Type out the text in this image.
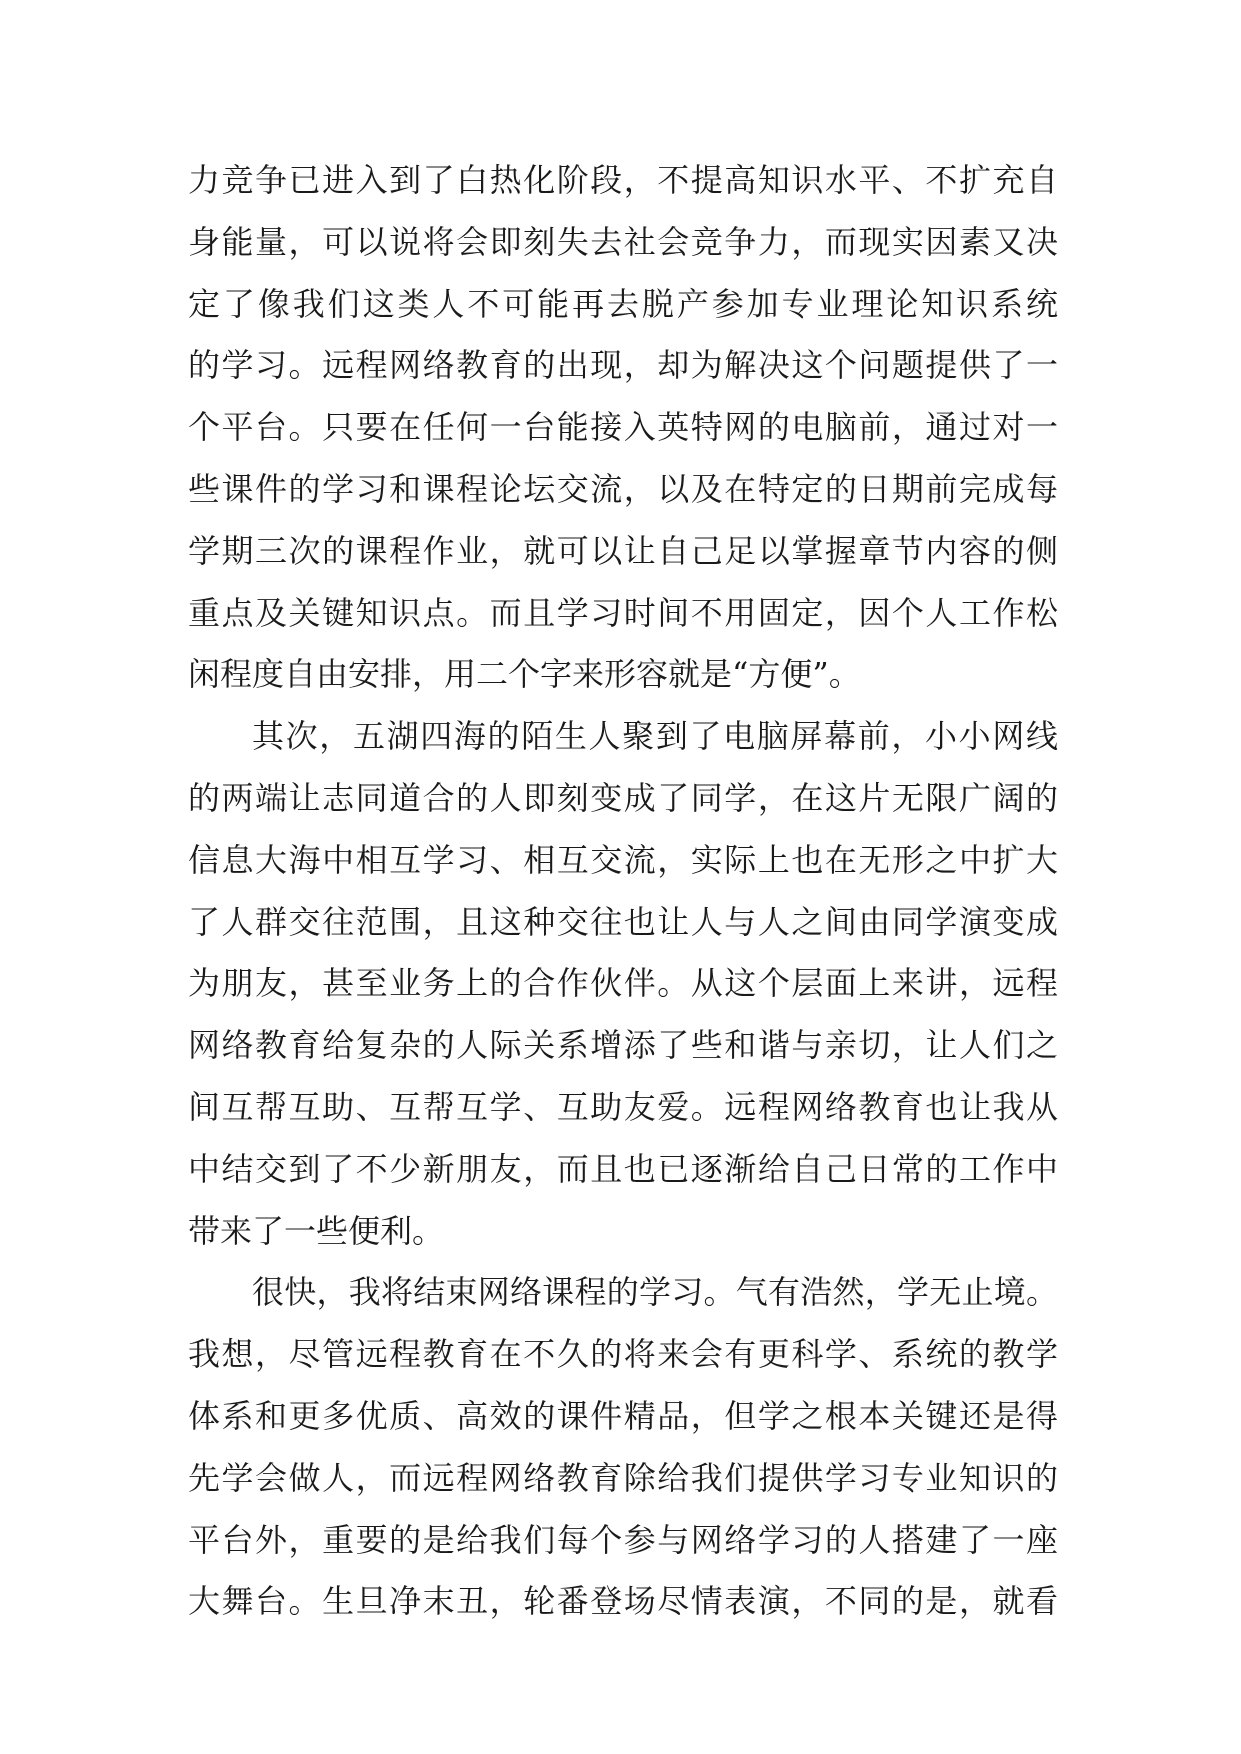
力竞争已进入到了白热化阶段，不提高知识水平、不扩充自
身能量，可以说将会即刻失去社会竞争力，而现实因素又决
定了像我们这类人不可能再去脱产参加专业理论知识系统
的学习。远程网络教育的出现，却为解决这个问题提供了一
个平台。只要在任何一台能接入英特网的电脑前，通过对一
些课件的学习和课程论坛交流，以及在特定的日期前完成每
学期三次的课程作业，就可以让自己足以掌握章节内容的侧
重点及关键知识点。而且学习时间不用固定，因个人工作松
闲程度自由安排，用二个字来形容就是“方便”。
其次，五湖四海的陌生人聚到了电脑屏幕前，小小网线
的两端让志同道合的人即刻变成了同学，在这片无限广阔的
信息大海中相互学习、相互交流，实际上也在无形之中扩大
了人群交往范围，且这种交往也让人与人之间由同学演变成
为朋友，甚至业务上的合作伙伴。从这个层面上来讲，远程
网络教育给复杂的人际关系增添了些和谐与亲切，让人们之
间互帮互助、互帮互学、互助友爱。远程网络教育也让我从
中结交到了不少新朋友，而且也已逐渐给自己日常的工作中
带来了一些便利。
很快，我将结束网络课程的学习。气有浩然，学无止境。
我想，尽管远程教育在不久的将来会有更科学、系统的教学
体系和更多优质、高效的课件精品，但学之根本关键还是得
先学会做人，而远程网络教育除给我们提供学习专业知识的
平台外，重要的是给我们每个参与网络学习的人搭建了一座
大舞台。生旦净末丑，轮番登场尽情表演，不同的是，就看
